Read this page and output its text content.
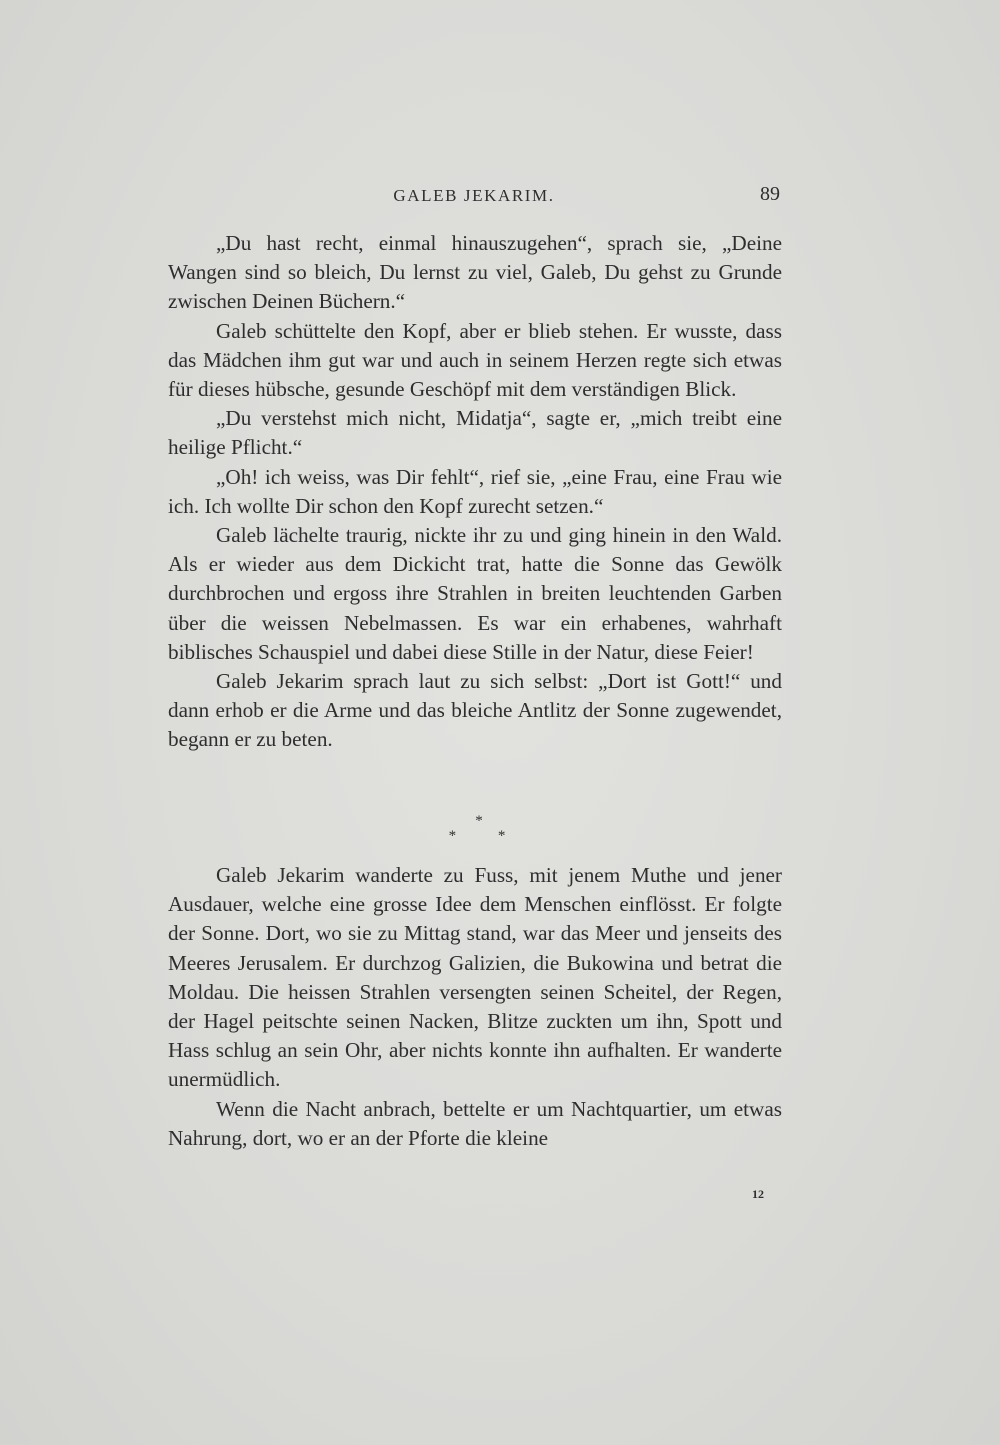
GALEB JEKARIM.	89

„Du hast recht, einmal hinauszugehen“, sprach sie, „Deine Wangen sind so bleich, Du lernst zu viel, Galeb, Du gehst zu Grunde zwischen Deinen Büchern.“

Galeb schüttelte den Kopf, aber er blieb stehen. Er wusste, dass das Mädchen ihm gut war und auch in seinem Herzen regte sich etwas für dieses hübsche, gesunde Geschöpf mit dem verständigen Blick.

„Du verstehst mich nicht, Midatja“, sagte er, „mich treibt eine heilige Pflicht.“

„Oh! ich weiss, was Dir fehlt“, rief sie, „eine Frau, eine Frau wie ich. Ich wollte Dir schon den Kopf zurecht setzen.“

Galeb lächelte traurig, nickte ihr zu und ging hinein in den Wald. Als er wieder aus dem Dickicht trat, hatte die Sonne das Gewölk durchbrochen und ergoss ihre Strahlen in breiten leuchtenden Garben über die weissen Nebelmassen. Es war ein erhabenes, wahrhaft biblisches Schauspiel und dabei diese Stille in der Natur, diese Feier!

Galeb Jekarim sprach laut zu sich selbst: „Dort ist Gott!“ und dann erhob er die Arme und das bleiche Antlitz der Sonne zugewendet, begann er zu beten.

*
* *

Galeb Jekarim wanderte zu Fuss, mit jenem Muthe und jener Ausdauer, welche eine grosse Idee dem Menschen einflösst. Er folgte der Sonne. Dort, wo sie zu Mittag stand, war das Meer und jenseits des Meeres Jerusalem. Er durchzog Galizien, die Bukowina und betrat die Moldau. Die heissen Strahlen versengten seinen Scheitel, der Regen, der Hagel peitschte seinen Nacken, Blitze zuckten um ihn, Spott und Hass schlug an sein Ohr, aber nichts konnte ihn aufhalten. Er wanderte unermüdlich.

Wenn die Nacht anbrach, bettelte er um Nachtquartier, um etwas Nahrung, dort, wo er an der Pforte die kleine

12
